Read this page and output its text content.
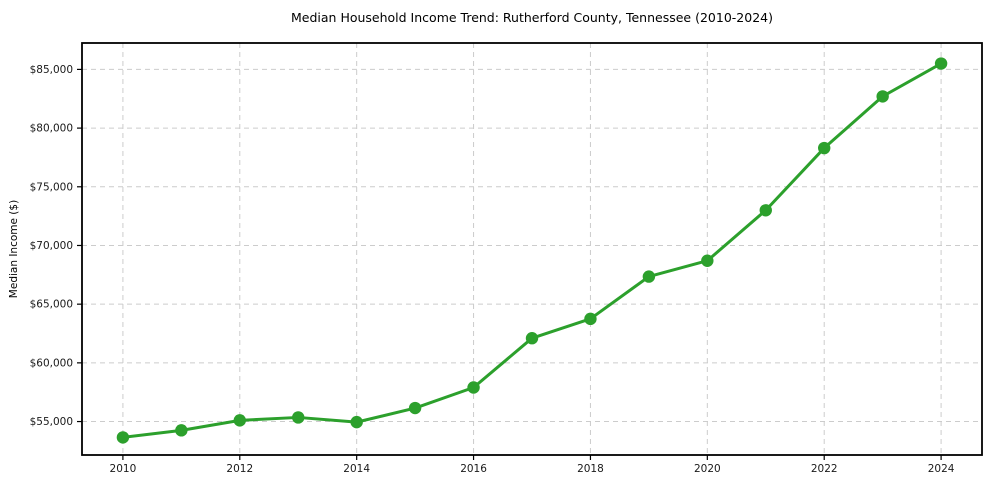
Median Household Income Trend: Rutherford County, Tennessee (2010-2024)
Median Income ($)
2010	2012	2014	2016	2018	2020	2022	2024
$55,000
$60,000
$65,000
$70,000
$75,000
$80,000
$85,000
